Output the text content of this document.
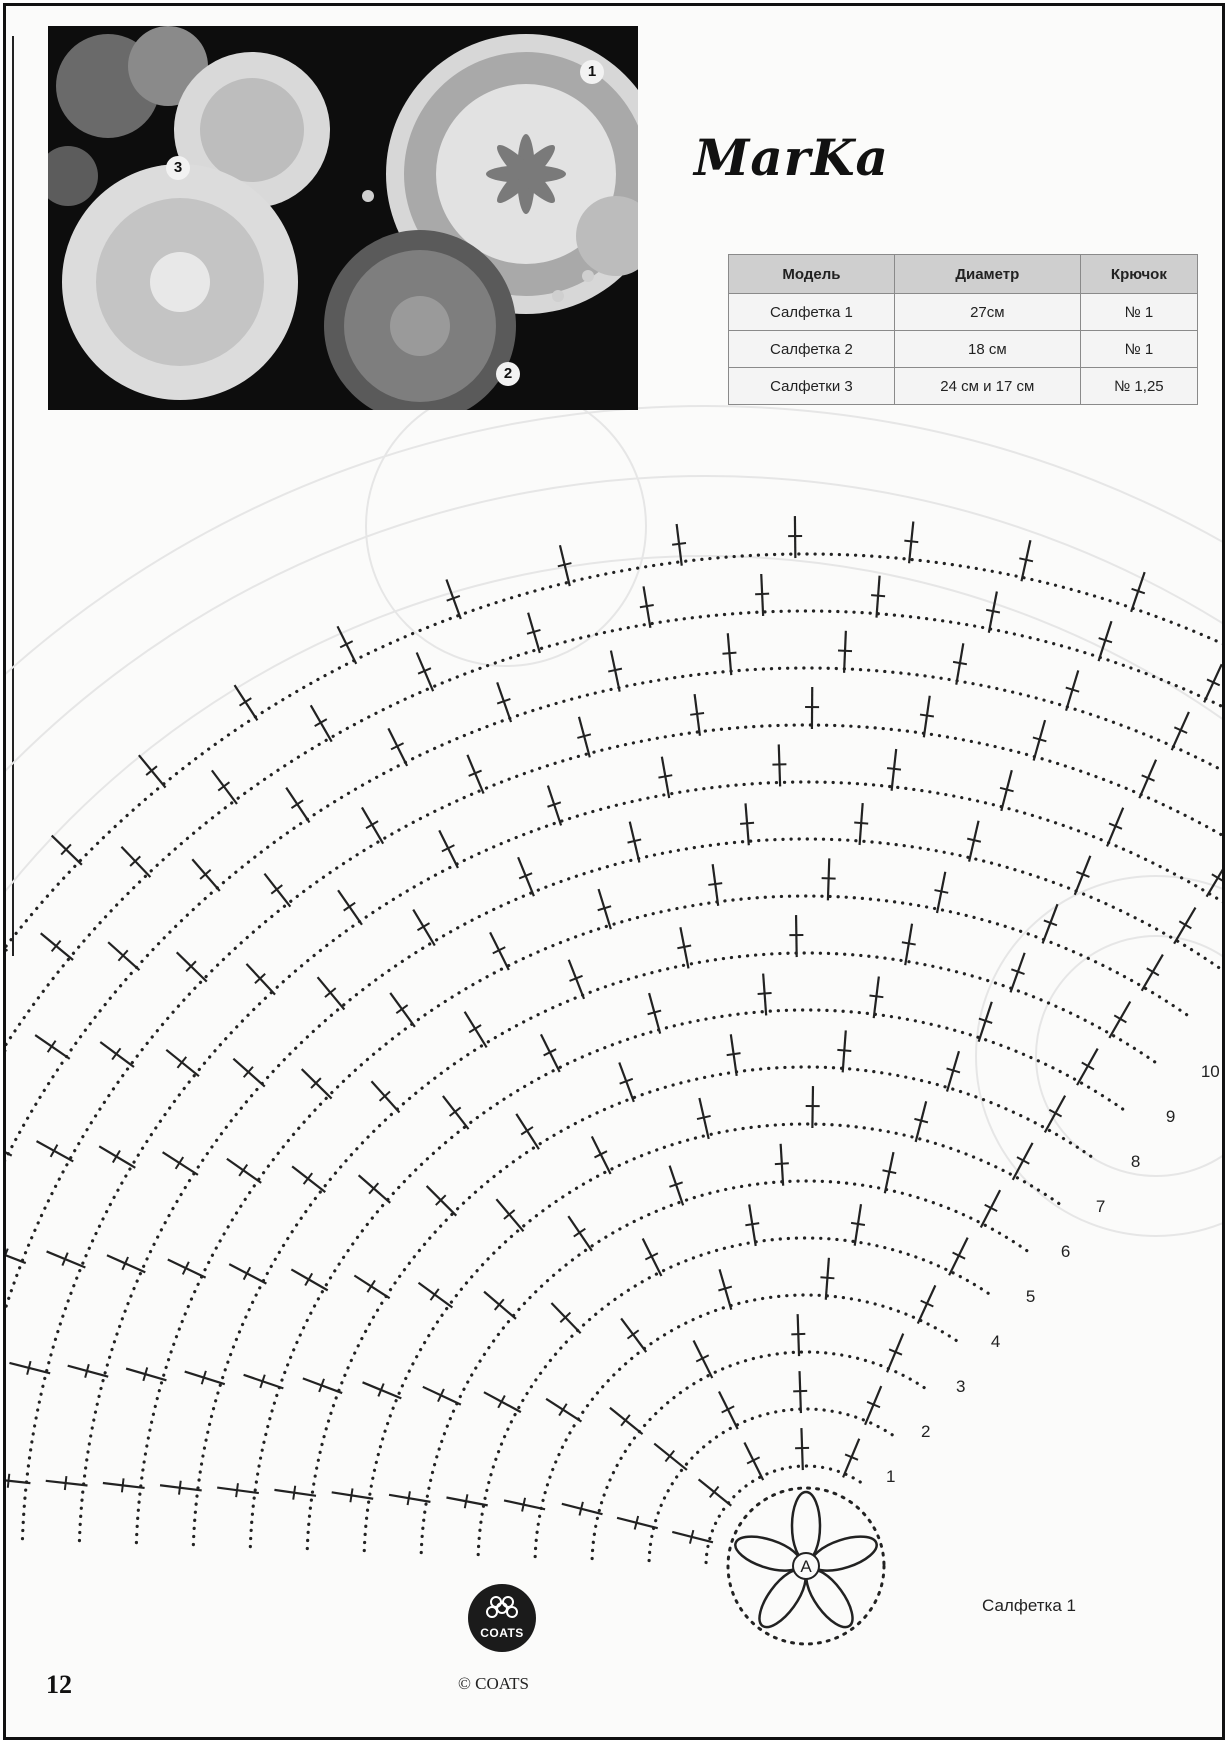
1
2
3	MarKa
Модель	Диаметр	Крючок
Салфетка 1	27см	№ 1
Салфетка 2	18 см	№ 1
Салфетки 3	24 см и 17 см	№ 1,25
1
2
3
4
5
6
7
8
9
10
A
Салфетка 1
COATS
© COATS
12
